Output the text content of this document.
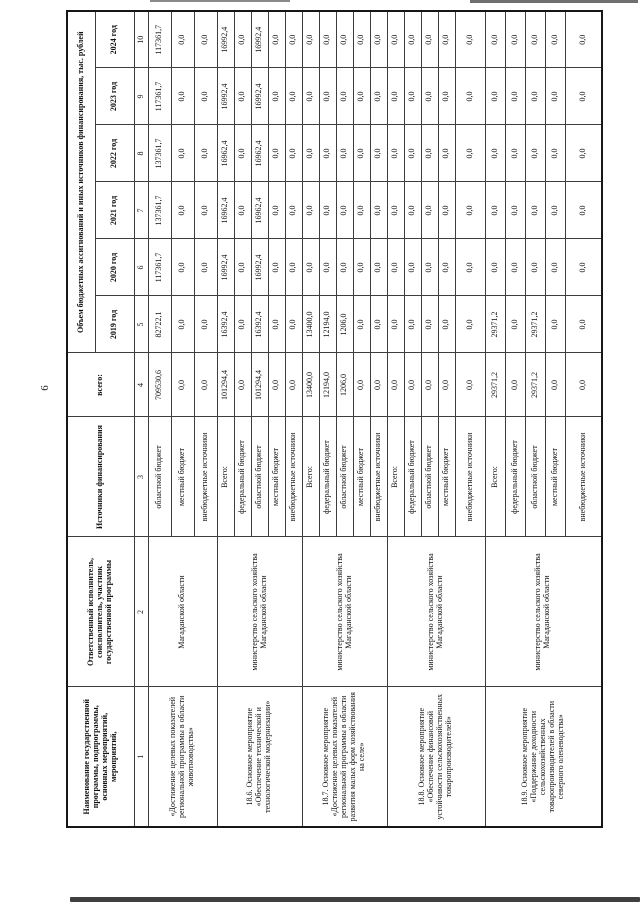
6
Наименование государственной программы, подпрограммы, основных мероприятий, мероприятий,	Ответственный исполнитель, соисполнитель, участник государственной программы	Источники финансирования	всего:	Объем бюджетных ассигнований и иных источников финансирования, тыс. рублей					
				2019 год	2020 год	2021 год	2022 год	2023 год	2024 год
1	2	3	4	5	6	7	8	9	10
«Достижение целевых показателей региональной программы в области животноводства»	Магаданской области	областной бюджет	709530,6	82722,1	117361,7	137361,7	137361,7	117361,7	117361,7
		местный бюджет	0,0	0,0	0,0	0,0	0,0	0,0	0,0
		внебюджетные источники	0,0	0,0	0,0	0,0	0,0	0,0	0,0
18.6. Основное мероприятие «Обеспечение технической и технологической модернизации»	министерство сельского хозяйства Магаданской области	Всего:	101294,4	16392,4	16992,4	16962,4	16962,4	16992,4	16992,4
		федеральный бюджет	0,0	0,0	0,0	0,0	0,0	0,0	0,0
		областной бюджет	101294,4	16392,4	16992,4	16962,4	16962,4	16992,4	16992,4
		местный бюджет	0,0	0,0	0,0	0,0	0,0	0,0	0,0
		внебюджетные источники	0,0	0,0	0,0	0,0	0,0	0,0	0,0
18.7. Основное мероприятие «Достижение целевых показателей региональной программы в области развития малых форм хозяйствования на селе»	министерство сельского хозяйства Магаданской области	Всего:	13400,0	13400,0	0,0	0,0	0,0	0,0	0,0
		федеральный бюджет	12194,0	12194,0	0,0	0,0	0,0	0,0	0,0
		областной бюджет	1206,0	1206,0	0,0	0,0	0,0	0,0	0,0
		местный бюджет	0,0	0,0	0,0	0,0	0,0	0,0	0,0
		внебюджетные источники	0,0	0,0	0,0	0,0	0,0	0,0	0,0
18.8. Основное мероприятие «Обеспечение финансовой устойчивости сельскохозяйственных товаропроизводителей»	министерство сельского хозяйства Магаданской области	Всего:	0,0	0,0	0,0	0,0	0,0	0,0	0,0
		федеральный бюджет	0,0	0,0	0,0	0,0	0,0	0,0	0,0
		областной бюджет	0,0	0,0	0,0	0,0	0,0	0,0	0,0
		местный бюджет	0,0	0,0	0,0	0,0	0,0	0,0	0,0
		внебюджетные источники	0,0	0,0	0,0	0,0	0,0	0,0	0,0
18.9. Основное мероприятие «Поддержание доходности сельскохозяйственных товаропроизводителей в области северного оленеводства»	министерство сельского хозяйства Магаданской области	Всего:	29371,2	29371,2	0,0	0,0	0,0	0,0	0,0
		федеральный бюджет	0,0	0,0	0,0	0,0	0,0	0,0	0,0
		областной бюджет	29371,2	29371,2	0,0	0,0	0,0	0,0	0,0
		местный бюджет	0,0	0,0	0,0	0,0	0,0	0,0	0,0
		внебюджетные источники	0,0	0,0	0,0	0,0	0,0	0,0	0,0
